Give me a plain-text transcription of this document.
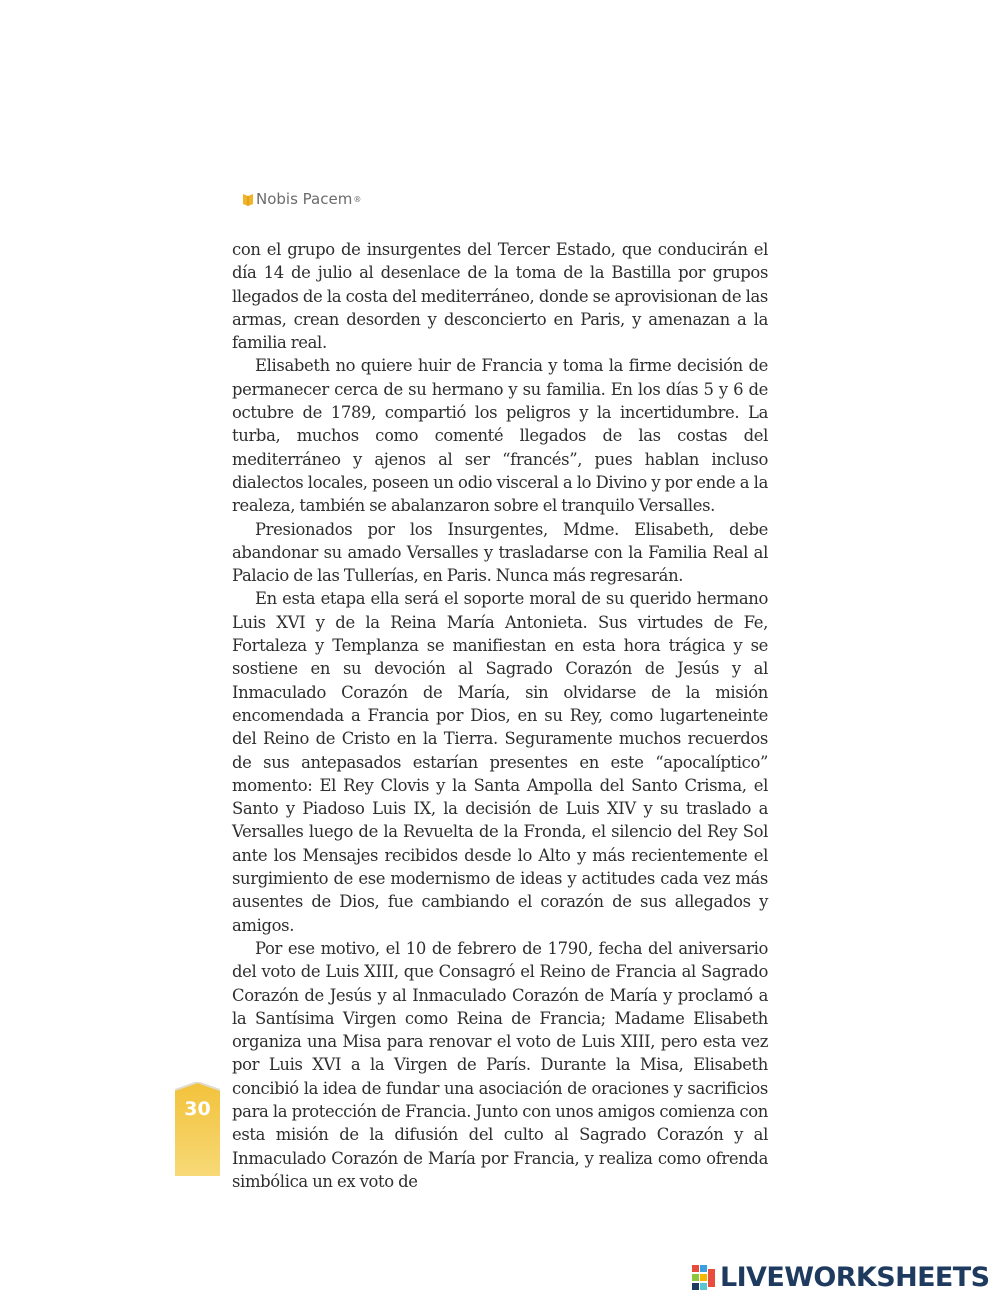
Nobis Pacem ®

con el grupo de insurgentes del Tercer Estado, que conducirán el día 14 de julio al desenlace de la toma de la Bastilla por grupos llegados de la costa del mediterráneo, donde se aprovisionan de las armas, crean desorden y desconcierto en Paris, y amenazan a la familia real.

Elisabeth no quiere huir de Francia y toma la firme decisión de permanecer cerca de su hermano y su familia. En los días 5 y 6 de octubre de 1789, compartió los peligros y la incertidumbre. La turba, muchos como comenté llegados de las costas del mediterráneo y ajenos al ser “francés”, pues hablan incluso dialectos locales, poseen un odio visceral a lo Divino y por ende a la realeza, también se abalanzaron sobre el tranquilo Versalles.

Presionados por los Insurgentes, Mdme. Elisabeth, debe abandonar su amado Versalles y trasladarse con la Familia Real al Palacio de las Tullerías, en Paris. Nunca más regresarán.

En esta etapa ella será el soporte moral de su querido hermano Luis XVI y de la Reina María Antonieta. Sus virtudes de Fe, Fortaleza y Templanza se manifiestan en esta hora trágica y se sostiene en su devoción al Sagrado Corazón de Jesús y al Inmaculado Corazón de María, sin olvidarse de la misión encomendada a Francia por Dios, en su Rey, como lugarteneinte del Reino de Cristo en la Tierra. Seguramente muchos recuerdos de sus antepasados estarían presentes en este “apocalíptico” momento: El Rey Clovis y la Santa Ampolla del Santo Crisma, el Santo y Piadoso Luis IX, la decisión de Luis XIV y su traslado a Versalles luego de la Revuelta de la Fronda, el silencio del Rey Sol ante los Mensajes recibidos desde lo Alto y más recientemente el surgimiento de ese modernismo de ideas y actitudes cada vez más ausentes de Dios, fue cambiando el corazón de sus allegados y amigos.

Por ese motivo, el 10 de febrero de 1790, fecha del aniversario del voto de Luis XIII, que Consagró el Reino de Francia al Sagrado Corazón de Jesús y al Inmaculado Corazón de María y proclamó a la Santísima Virgen como Reina de Francia; Madame Elisabeth organiza una Misa para renovar el voto de Luis XIII, pero esta vez por Luis XVI a la Virgen de París. Durante la Misa, Elisabeth concibió la idea de fundar una asociación de oraciones y sacrificios para la protección de Francia. Junto con unos amigos comienza con esta misión de la difusión del culto al Sagrado Corazón y al Inmaculado Corazón de María por Francia, y realiza como ofrenda simbólica un ex voto de

30
LIVEWORKSHEETS
